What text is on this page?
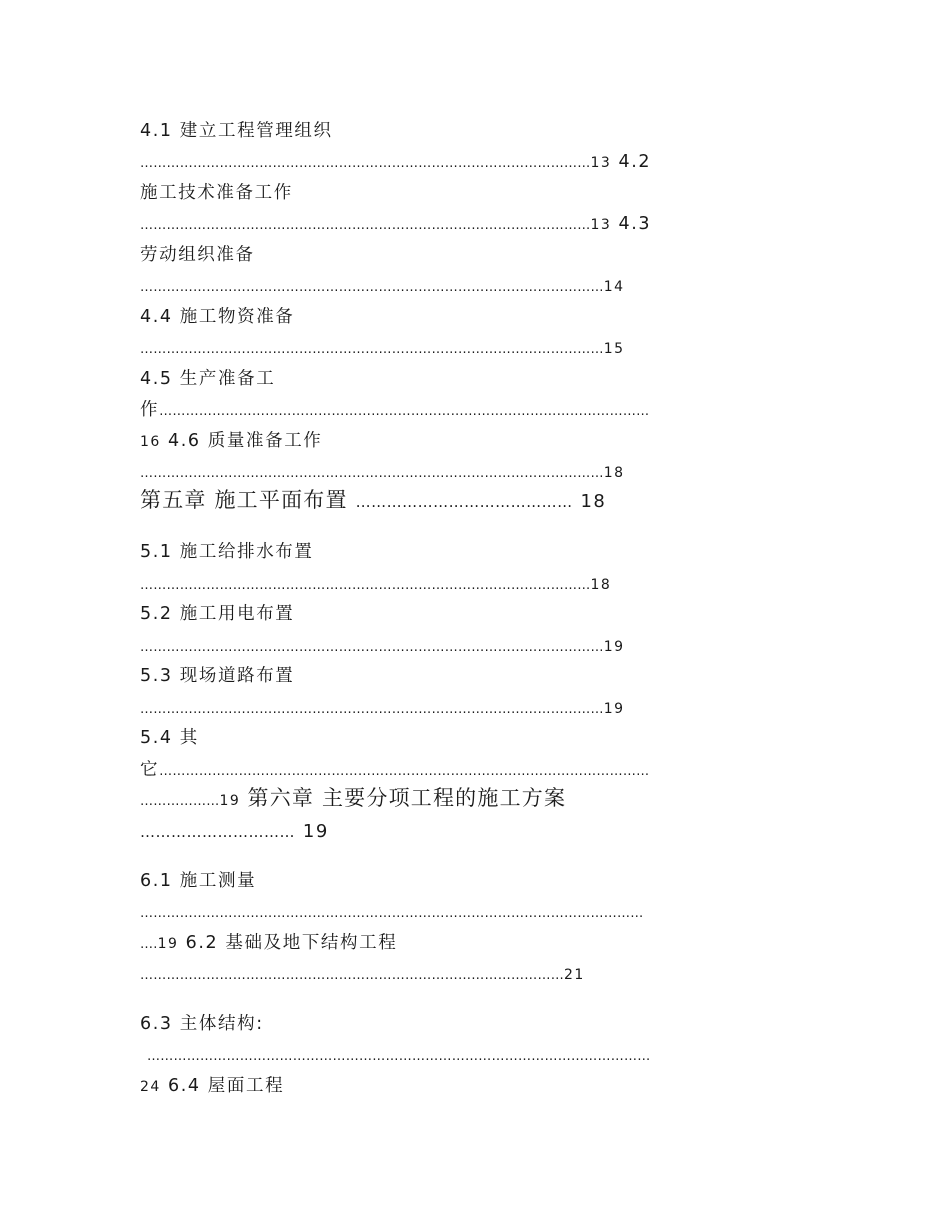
4.1 建立工程管理组织
…………………………………………………………………………………………13 4.2
施工技术准备工作
…………………………………………………………………………………………13 4.3
劳动组织准备
……………………………………………………………………………………………14
4.4 施工物资准备
……………………………………………………………………………………………15
4.5 生产准备工
作…………………………………………………………………………………………………
16 4.6 质量准备工作
……………………………………………………………………………………………18
第五章 施工平面布置 …………………………………… 18
5.1 施工给排水布置
…………………………………………………………………………………………18
5.2 施工用电布置
……………………………………………………………………………………………19
5.3 现场道路布置
……………………………………………………………………………………………19
5.4 其
它…………………………………………………………………………………………………
………………19 第六章 主要分项工程的施工方案
………………………… 19
6.1 施工测量
……………………………………………………………………………………………………
….19 6.2 基础及地下结构工程
……………………………………………………………………………………21
6.3 主体结构:
……………………………………………………………………………………………………
24 6.4 屋面工程
